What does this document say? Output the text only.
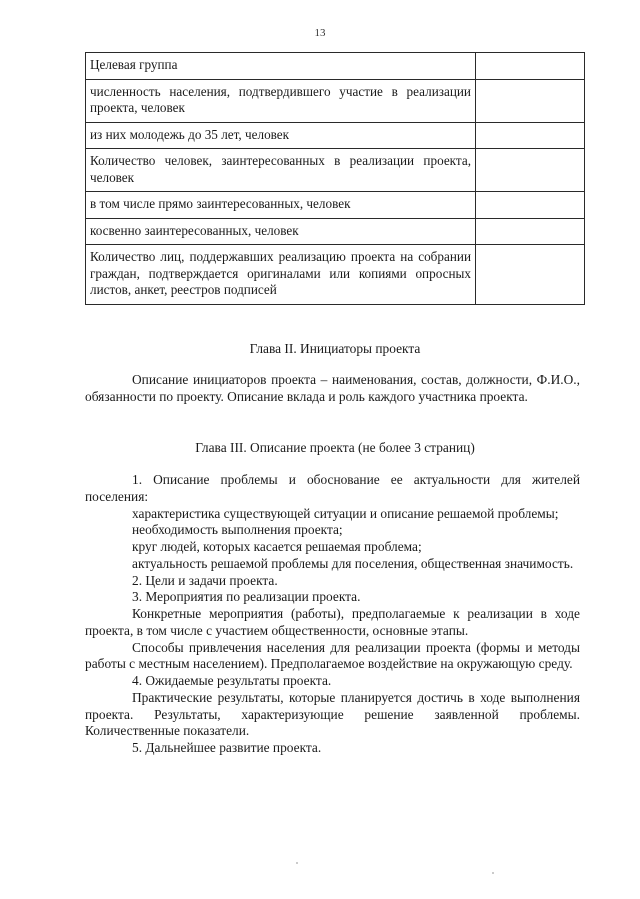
13
Целевая группа	
численность населения, подтвердившего участие в реализации проекта, человек	
из них молодежь до 35 лет, человек	
Количество человек, заинтересованных в реализации проекта, человек	
в том числе прямо заинтересованных, человек	
косвенно заинтересованных, человек	
Количество лиц, поддержавших реализацию проекта на собрании граждан, подтверждается оригиналами или копиями опросных листов, анкет, реестров подписей	
Глава II. Инициаторы проекта

Описание инициаторов проекта – наименования, состав, должности, Ф.И.О., обязанности по проекту. Описание вклада и роль каждого участника проекта.

Глава III. Описание проекта (не более 3 страниц)

1. Описание проблемы и обоснование ее актуальности для жителей поселения:

характеристика существующей ситуации и описание решаемой проблемы;

необходимость выполнения проекта;

круг людей, которых касается решаемая проблема;

актуальность решаемой проблемы для поселения, общественная значимость.

2. Цели и задачи проекта.

3. Мероприятия по реализации проекта.

Конкретные мероприятия (работы), предполагаемые к реализации в ходе проекта, в том числе с участием общественности, основные этапы.

Способы привлечения населения для реализации проекта (формы и методы работы с местным населением). Предполагаемое воздействие на окружающую среду.

4. Ожидаемые результаты проекта.

Практические результаты, которые планируется достичь в ходе выполнения проекта. Результаты, характеризующие решение заявленной проблемы. Количественные показатели.

5. Дальнейшее развитие проекта.
